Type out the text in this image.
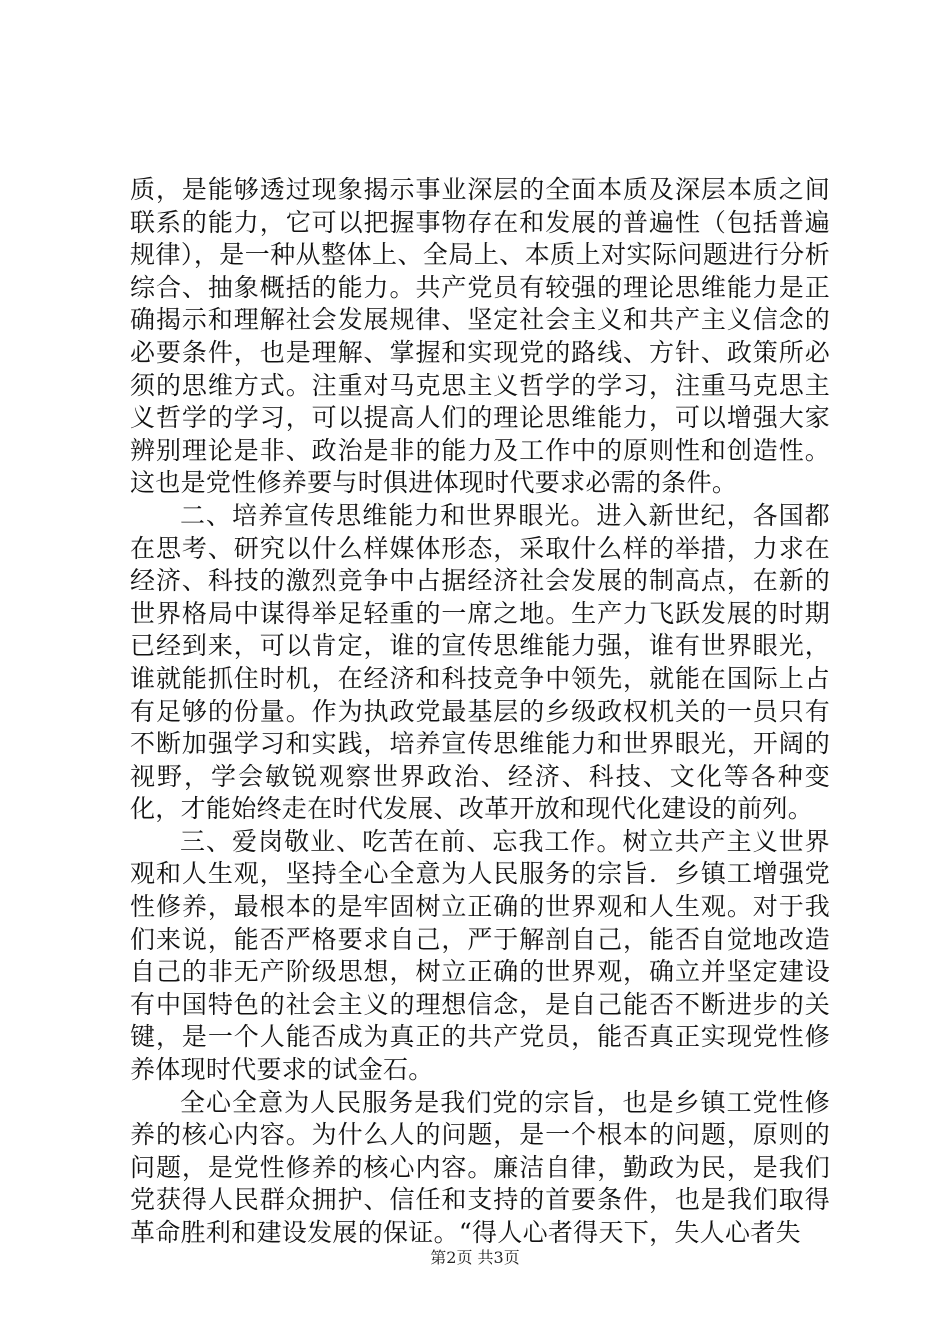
质，是能够透过现象揭示事业深层的全面本质及深层本质之间联系的能力，它可以把握事物存在和发展的普遍性（包括普遍规律），是一种从整体上、全局上、本质上对实际问题进行分析综合、抽象概括的能力。共产党员有较强的理论思维能力是正确揭示和理解社会发展规律、坚定社会主义和共产主义信念的必要条件，也是理解、掌握和实现党的路线、方针、政策所必须的思维方式。注重对马克思主义哲学的学习，注重马克思主义哲学的学习，可以提高人们的理论思维能力，可以增强大家辨别理论是非、政治是非的能力及工作中的原则性和创造性。这也是党性修养要与时俱进体现时代要求必需的条件。

二、培养宣传思维能力和世界眼光。进入新世纪，各国都在思考、研究以什么样媒体形态，采取什么样的举措，力求在经济、科技的激烈竞争中占据经济社会发展的制高点，在新的世界格局中谋得举足轻重的一席之地。生产力飞跃发展的时期已经到来，可以肯定，谁的宣传思维能力强，谁有世界眼光，谁就能抓住时机，在经济和科技竞争中领先，就能在国际上占有足够的份量。作为执政党最基层的乡级政权机关的一员只有不断加强学习和实践，培养宣传思维能力和世界眼光，开阔的视野，学会敏锐观察世界政治、经济、科技、文化等各种变化，才能始终走在时代发展、改革开放和现代化建设的前列。

三、爱岗敬业、吃苦在前、忘我工作。树立共产主义世界观和人生观，坚持全心全意为人民服务的宗旨．乡镇工增强党性修养，最根本的是牢固树立正确的世界观和人生观。对于我们来说，能否严格要求自己，严于解剖自己，能否自觉地改造自己的非无产阶级思想，树立正确的世界观，确立并坚定建设有中国特色的社会主义的理想信念，是自己能否不断进步的关键，是一个人能否成为真正的共产党员，能否真正实现党性修养体现时代要求的试金石。

全心全意为人民服务是我们党的宗旨，也是乡镇工党性修养的核心内容。为什么人的问题，是一个根本的问题，原则的问题，是党性修养的核心内容。廉洁自律，勤政为民，是我们党获得人民群众拥护、信任和支持的首要条件，也是我们取得革命胜利和建设发展的保证。“得人心者得天下，失人心者失

第2页 共3页
